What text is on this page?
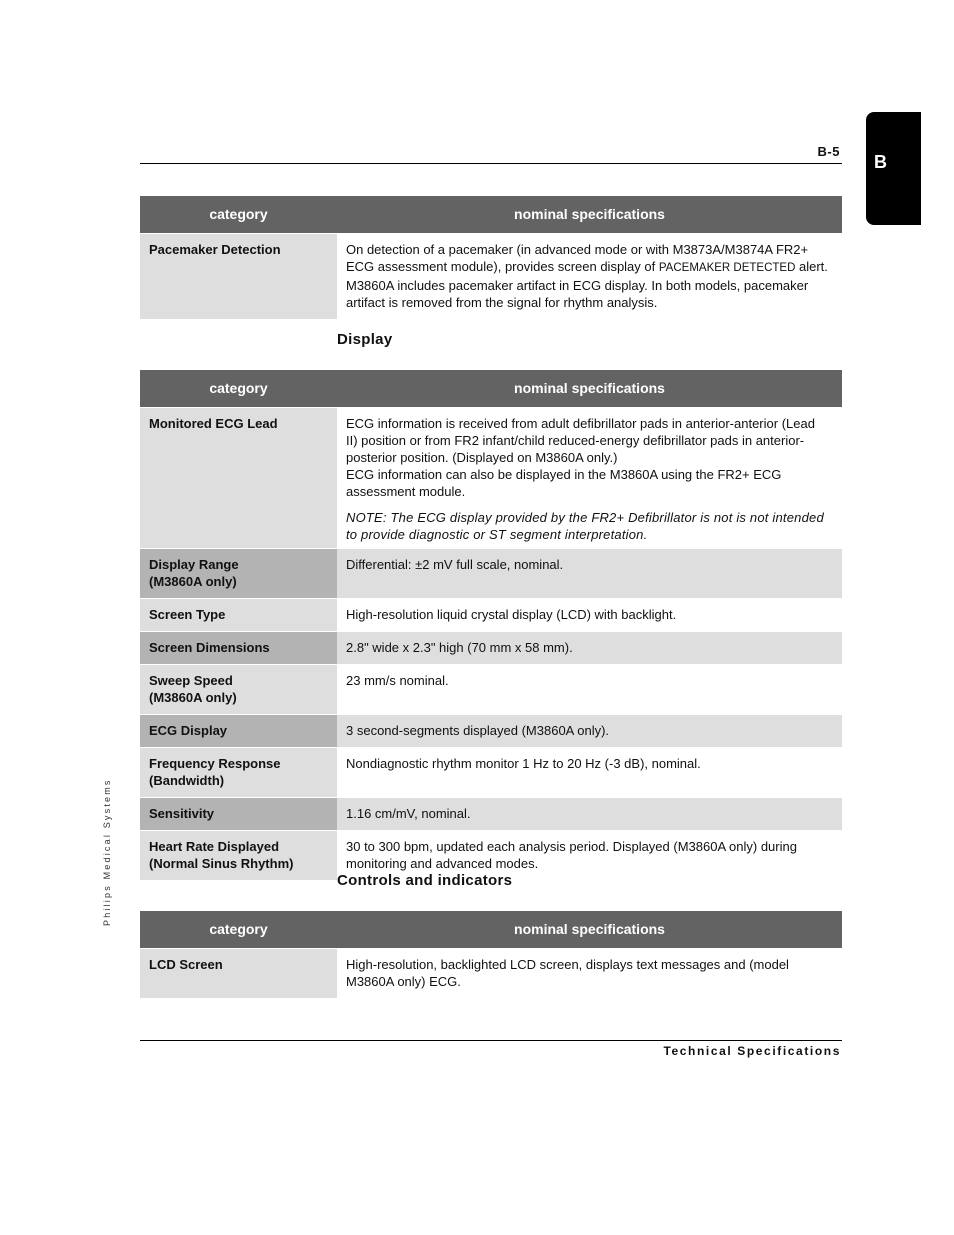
B
B-5
Philips Medical Systems
category	nominal specifications
Pacemaker Detection	On detection of a pacemaker (in advanced mode or with M3873A/M3874A FR2+ ECG assessment module), provides screen display of PACEMAKER DETECTED alert. M3860A includes pacemaker artifact in ECG display. In both models, pacemaker artifact is removed from the signal for rhythm analysis.
Display
category	nominal specifications
Monitored ECG Lead	ECG information is received from adult defibrillator pads in anterior-anterior (Lead II) position or from FR2 infant/child reduced-energy defibrillator pads in anterior-posterior position. (Displayed on M3860A only.)
ECG information can also be displayed in the M3860A using the FR2+ ECG assessment module.
NOTE: The ECG display provided by the FR2+ Defibrillator is not is not intended to provide diagnostic or ST segment interpretation.

Display Range
(M3860A only)	Differential: ±2 mV full scale, nominal.
Screen Type	High-resolution liquid crystal display (LCD) with backlight.
Screen Dimensions	2.8" wide x 2.3" high (70 mm x 58 mm).

Sweep Speed
(M3860A only)	23 mm/s nominal.
ECG Display	3 second-segments displayed (M3860A only).

Frequency Response
(Bandwidth)	Nondiagnostic rhythm monitor 1 Hz to 20 Hz (-3 dB), nominal.
Sensitivity	1.16 cm/mV, nominal.

Heart Rate Displayed
(Normal Sinus Rhythm)	30 to 300 bpm, updated each analysis period. Displayed (M3860A only) during monitoring and advanced modes.
Controls and indicators
category	nominal specifications
LCD Screen	High-resolution, backlighted LCD screen, displays text messages and (model M3860A only) ECG.
Technical Specifications
